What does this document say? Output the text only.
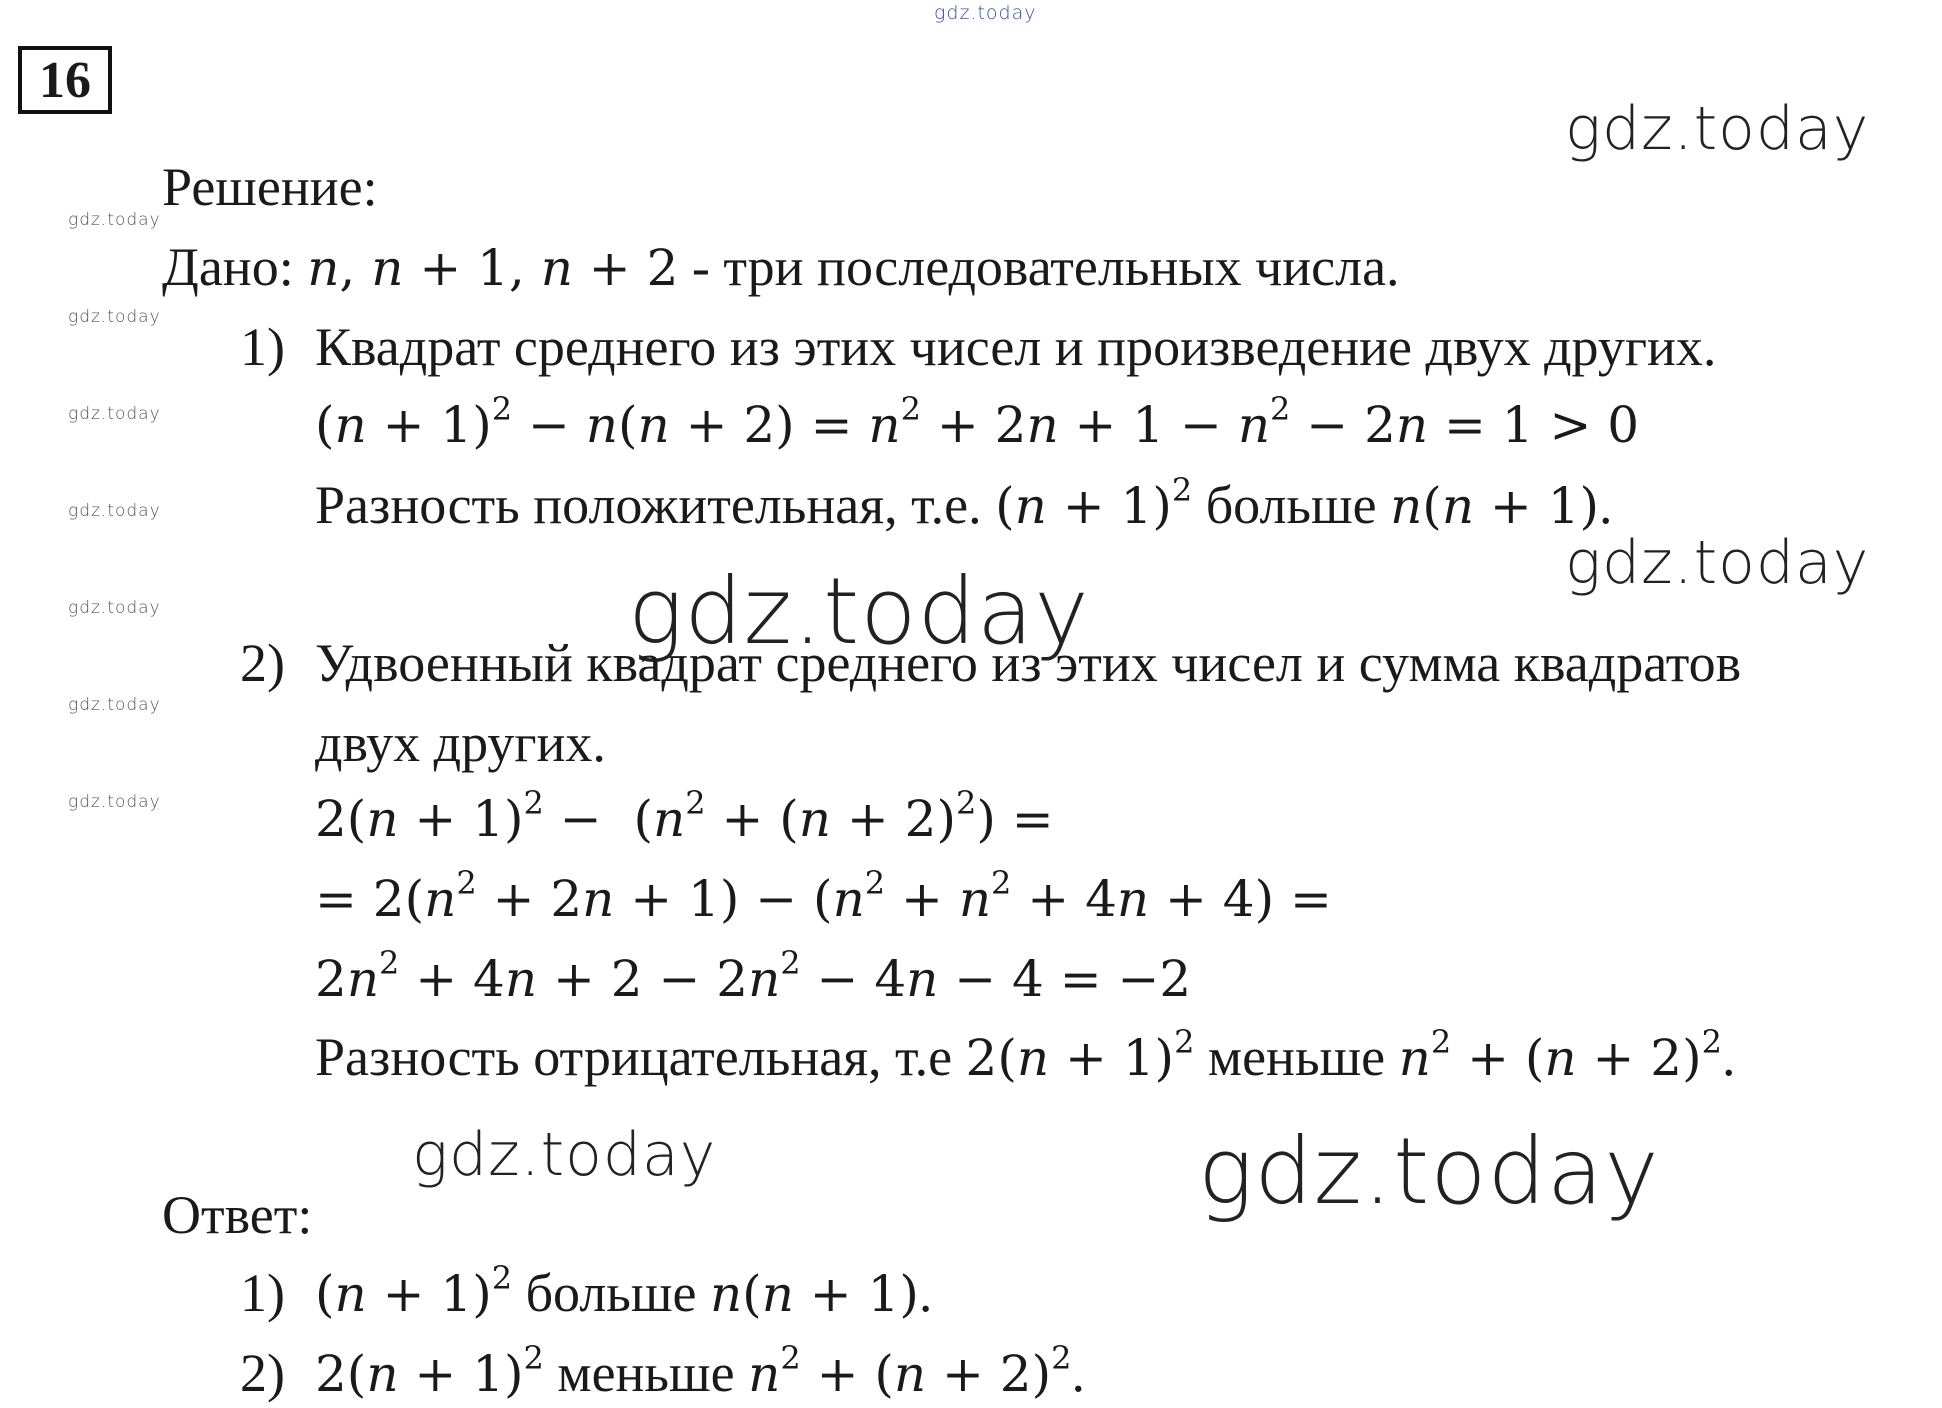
gdz.today
16
gdz.today
gdz.today
gdz.today
gdz.today	gdz.today
gdz.today
gdz.today
gdz.today
gdz.today
gdz.today
gdz.today
gdz.today
Решение:
Дано: n, n + 1, n + 2 - три последовательных числа.
1) Квадрат среднего из этих чисел и произведение двух других.
$(n + 1)^2 - n(n + 2) = n^2 + 2n + 1 - n^2 - 2n = 1 > 0$
Разность положительная, т.е. $(n + 1)^2$ больше n(n + 1).
2) Удвоенный квадрат среднего из этих чисел и сумма квадратов
двух других.
$2(n + 1)^2 - (n^2 + (n + 2)^2)$ =
= $2(n^2 + 2n + 1) - (n^2 + n^2 + 4n + 4)$ =
$2n^2 + 4n + 2 - 2n^2 - 4n - 4 = -2$
Разность отрицательная, т.е $2(n + 1)^2$ меньше $n^2 + (n + 2)^2$.
Ответ:
1) $(n + 1)^2$ больше n(n + 1).
2) $2(n + 1)^2$ меньше $n^2 + (n + 2)^2$.
